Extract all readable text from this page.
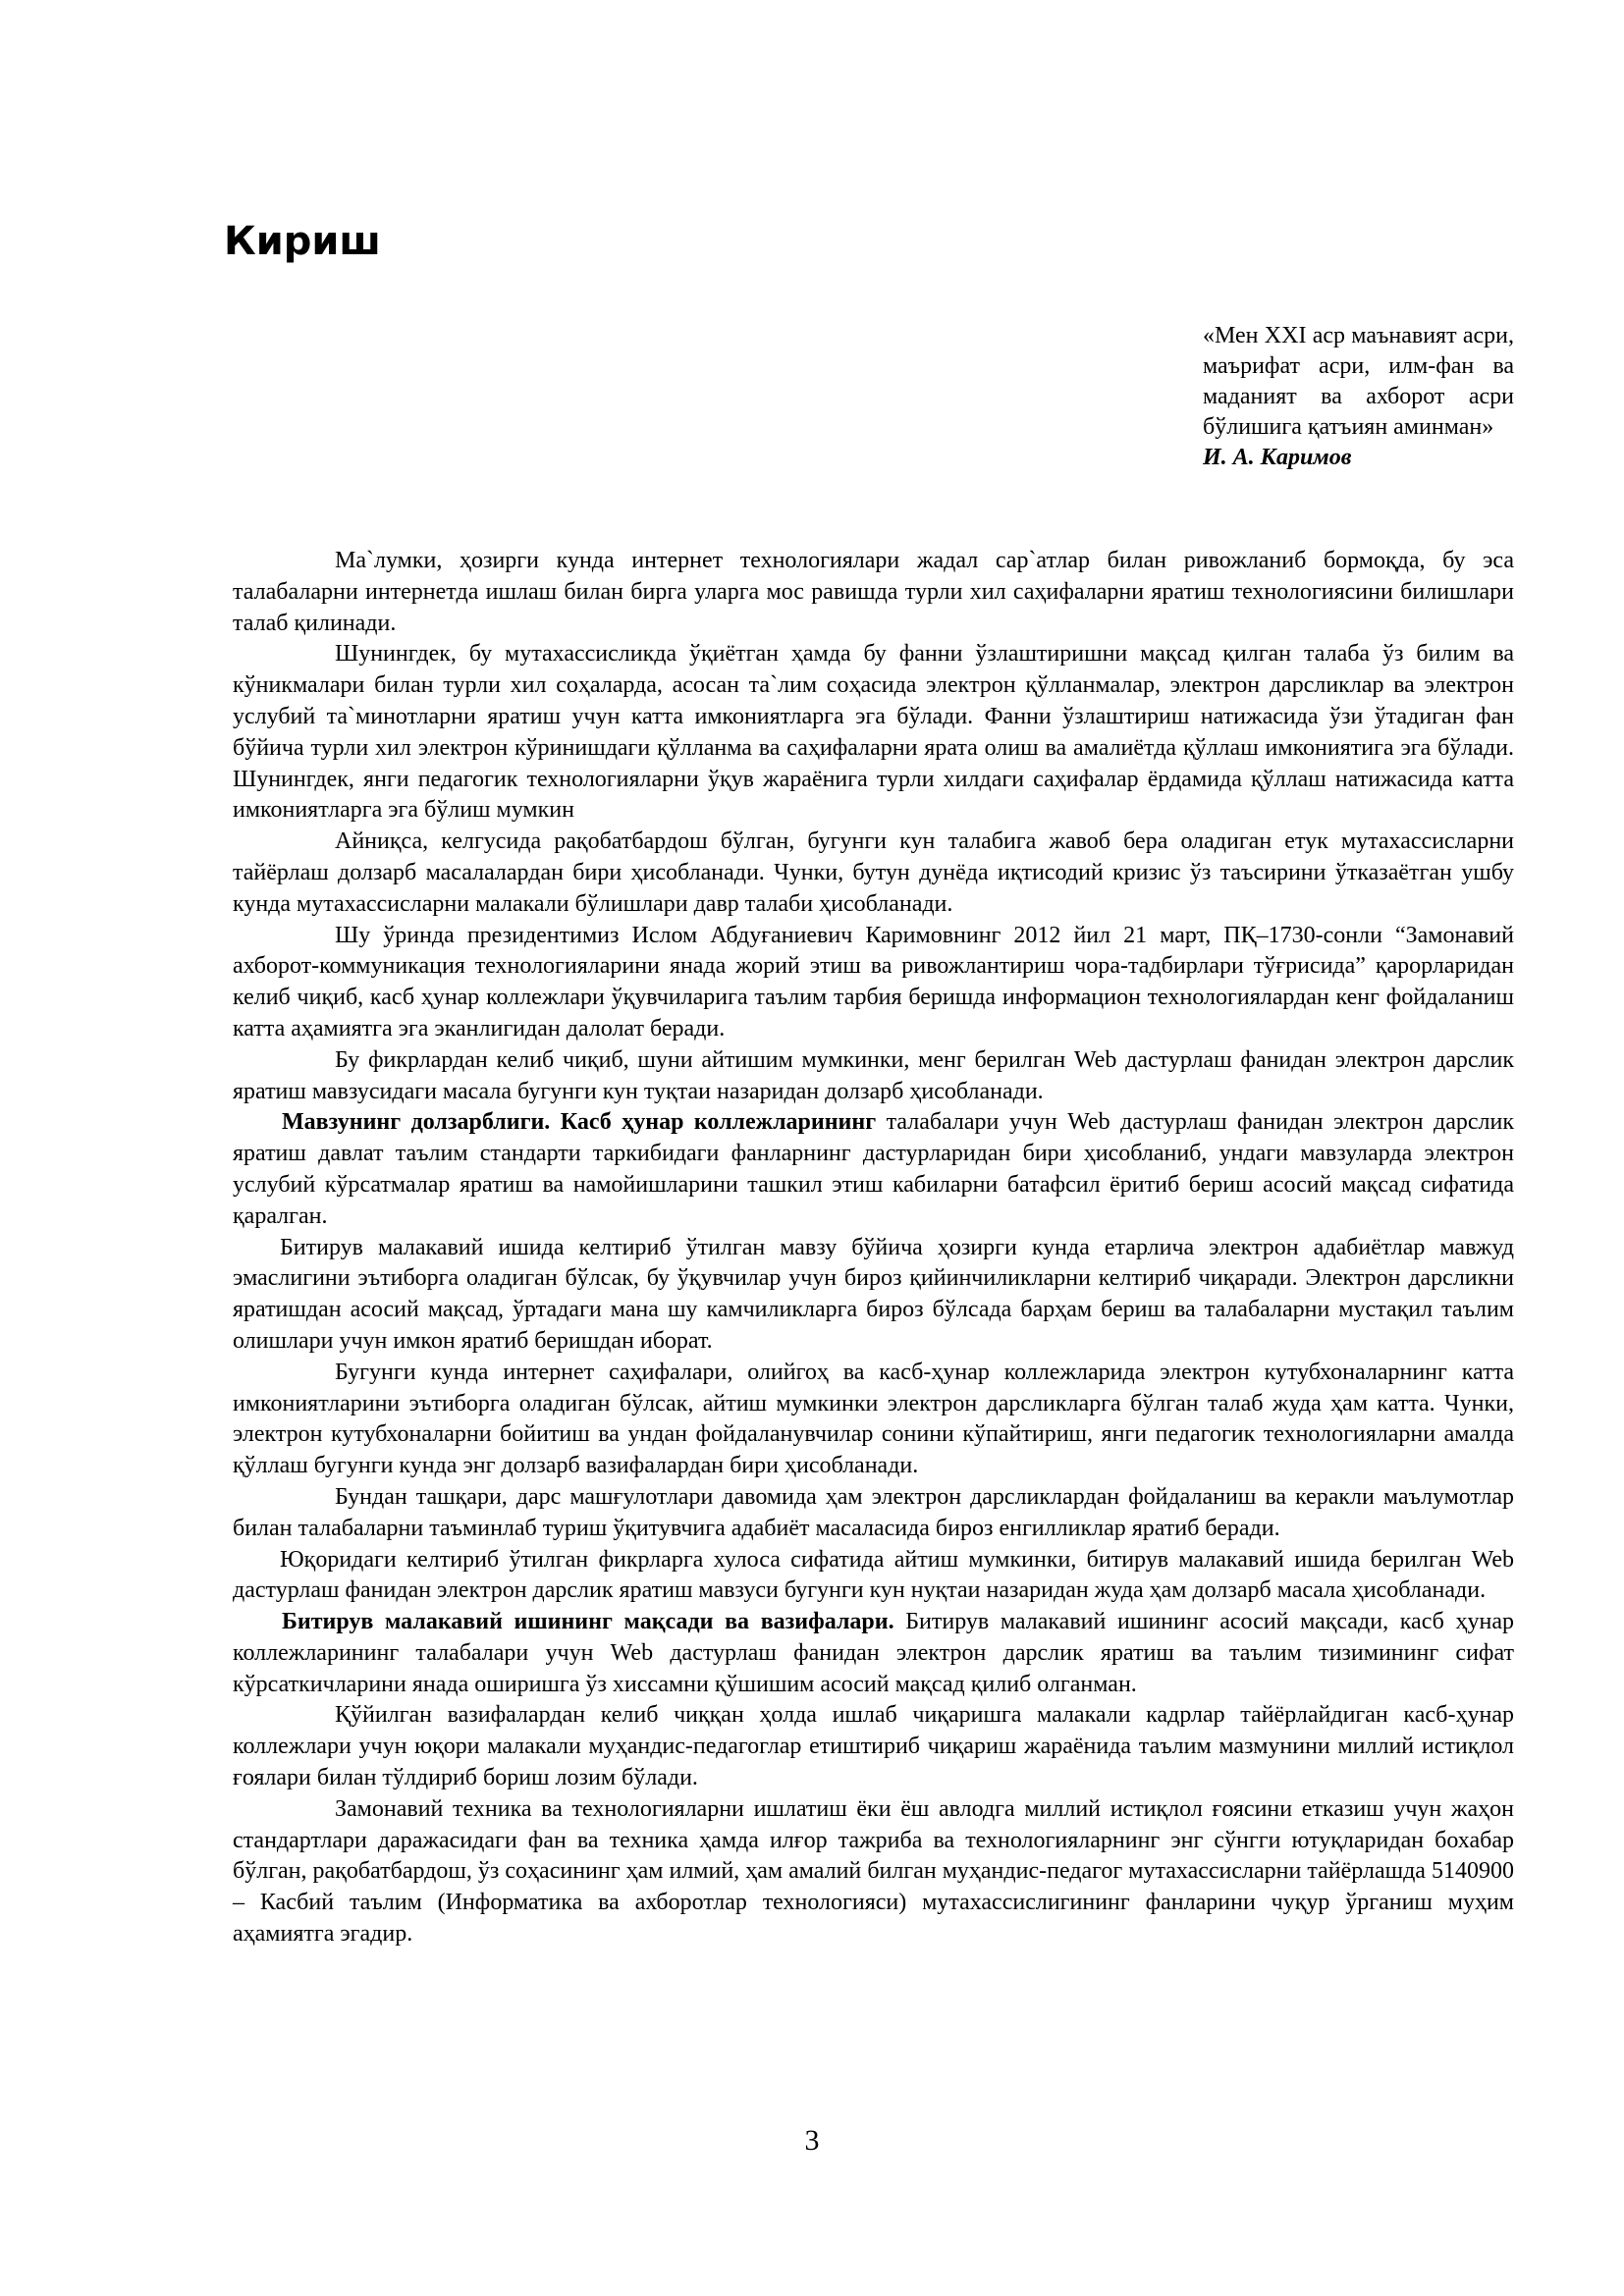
Кириш

«Мен XXI аср маънавият асри, маърифат асри, илм-фан ва маданият ва ахборот асри бўлишига қатъиян аминман»

И. А. Каримов

Ма`лумки, ҳозирги кунда интернет технологиялари жадал сар`атлар билан ривожланиб бормоқда, бу эса талабаларни интернетда ишлаш билан бирга уларга мос равишда турли хил саҳифаларни яратиш технологиясини билишлари талаб қилинади.

Шунингдек, бу мутахассисликда ўқиётган ҳамда бу фанни ўзлаштиришни мақсад қилган талаба ўз билим ва кўникмалари билан турли хил соҳаларда, асосан та`лим соҳасида электрон қўлланмалар, электрон дарсликлар ва электрон услубий та`минотларни яратиш учун катта имкониятларга эга бўлади. Фанни ўзлаштириш натижасида ўзи ўтадиган фан бўйича турли хил электрон кўринишдаги қўлланма ва саҳифаларни ярата олиш ва амалиётда қўллаш имкониятига эга бўлади. Шунингдек, янги педагогик технологияларни ўқув жараёнига турли хилдаги саҳифалар ёрдамида қўллаш натижасида катта имкониятларга эга бўлиш мумкин

Айниқса, келгусида рақобатбардош бўлган, бугунги кун талабига жавоб бера оладиган етук мутахассисларни тайёрлаш долзарб масалалардан бири ҳисобланади. Чунки, бутун дунёда иқтисодий кризис ўз таъсирини ўтказаётган ушбу кунда мутахассисларни малакали бўлишлари давр талаби ҳисобланади.

Шу ўринда президентимиз Ислом Абдуғаниевич Каримовнинг 2012 йил 21 март, ПҚ–1730-сонли “Замонавий ахборот-коммуникация технологияларини янада жорий этиш ва ривожлантириш чора-тадбирлари тўғрисида” қарорларидан келиб чиқиб, касб ҳунар коллежлари ўқувчиларига таълим тарбия беришда информацион технологиялардан кенг фойдаланиш катта аҳамиятга эга эканлигидан далолат беради.

Бу фикрлардан келиб чиқиб, шуни айтишим мумкинки, менг берилган Web дастурлаш фанидан электрон дарслик яратиш мавзусидаги масала бугунги кун туқтаи назаридан долзарб ҳисобланади.

Мавзунинг долзарблиги. Касб ҳунар коллежларининг талабалари учун Web дастурлаш фанидан электрон дарслик яратиш давлат таълим стандарти таркибидаги фанларнинг дастурларидан бири ҳисобланиб, ундаги мавзуларда электрон услубий кўрсатмалар яратиш ва намойишларини ташкил этиш кабиларни батафсил ёритиб бериш асосий мақсад сифатида қаралган.

Битирув малакавий ишида келтириб ўтилган мавзу бўйича ҳозирги кунда етарлича электрон адабиётлар мавжуд эмаслигини эътиборга оладиган бўлсак, бу ўқувчилар учун бироз қийинчиликларни келтириб чиқаради. Электрон дарсликни яратишдан асосий мақсад, ўртадаги мана шу камчиликларга бироз бўлсада барҳам бериш ва талабаларни мустақил таълим олишлари учун имкон яратиб беришдан иборат.

Бугунги кунда интернет саҳифалари, олийгоҳ ва касб-ҳунар коллежларида электрон кутубхоналарнинг катта имкониятларини эътиборга оладиган бўлсак, айтиш мумкинки электрон дарсликларга бўлган талаб жуда ҳам катта. Чунки, электрон кутубхоналарни бойитиш ва ундан фойдаланувчилар сонини кўпайтириш, янги педагогик технологияларни амалда қўллаш бугунги кунда энг долзарб вазифалардан бири ҳисобланади.

Бундан ташқари, дарс машғулотлари давомида ҳам электрон дарсликлардан фойдаланиш ва керакли маълумотлар билан талабаларни таъминлаб туриш ўқитувчига адабиёт масаласида бироз енгилликлар яратиб беради.

Юқоридаги келтириб ўтилган фикрларга хулоса сифатида айтиш мумкинки, битирув малакавий ишида берилган Web дастурлаш фанидан электрон дарслик яратиш мавзуси бугунги кун нуқтаи назаридан жуда ҳам долзарб масала ҳисобланади.

Битирув малакавий ишининг мақсади ва вазифалари. Битирув малакавий ишининг асосий мақсади, касб ҳунар коллежларининг талабалари учун Web дастурлаш фанидан электрон дарслик яратиш ва таълим тизимининг сифат кўрсаткичларини янада оширишга ўз хиссамни қўшишим асосий мақсад қилиб олганман.

Қўйилган вазифалардан келиб чиққан ҳолда ишлаб чиқаришга малакали кадрлар тайёрлайдиган касб-ҳунар коллежлари учун юқори малакали муҳандис-педагоглар етиштириб чиқариш жараёнида таълим мазмунини миллий истиқлол ғоялари билан тўлдириб бориш лозим бўлади.

Замонавий техника ва технологияларни ишлатиш ёки ёш авлодга миллий истиқлол ғоясини етказиш учун жаҳон стандартлари даражасидаги фан ва техника ҳамда илғор тажриба ва технологияларнинг энг сўнгги ютуқларидан бохабар бўлган, рақобатбардош, ўз соҳасининг ҳам илмий, ҳам амалий билган муҳандис-педагог мутахассисларни тайёрлашда 5140900 – Касбий таълим (Информатика ва ахборотлар технологияси) мутахассислигининг фанларини чуқур ўрганиш муҳим аҳамиятга эгадир.

3
